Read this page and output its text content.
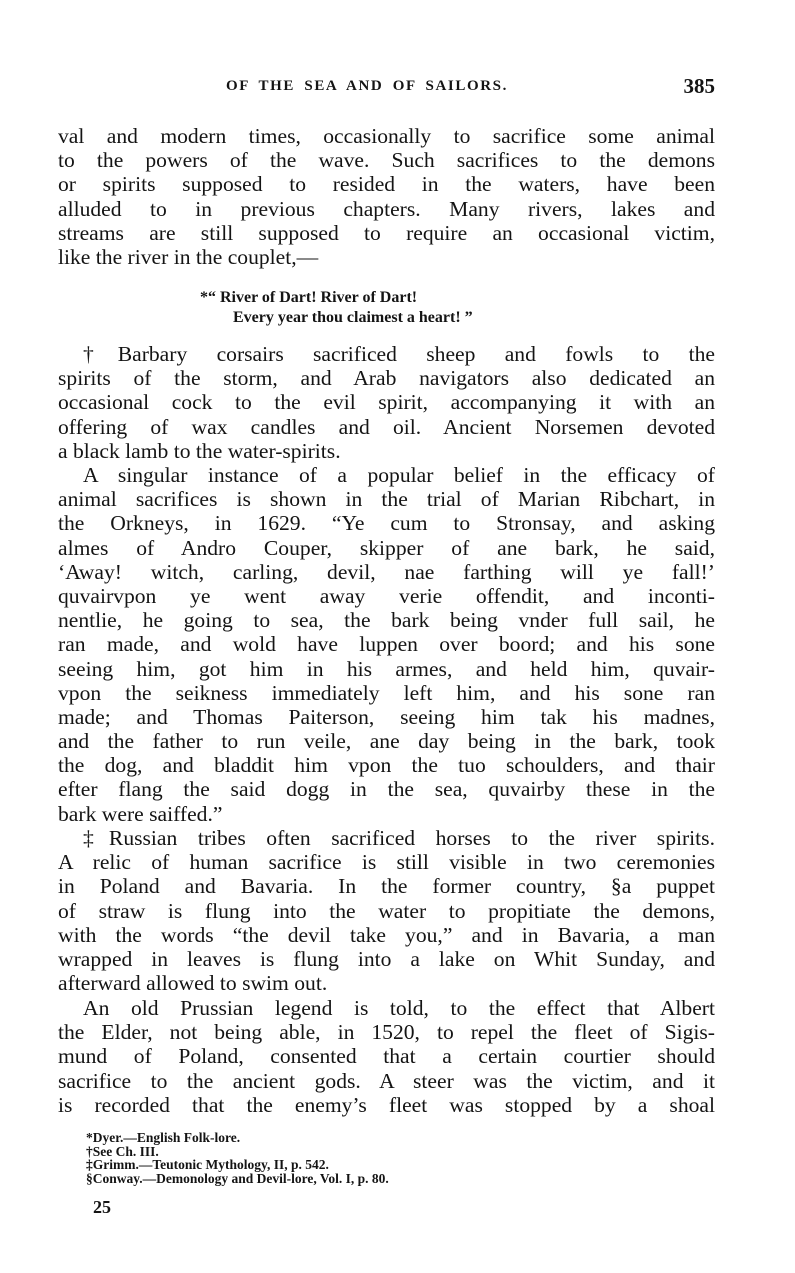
OF THE SEA AND OF SAILORS.	385
val and modern times, occasionally to sacrifice some animal
to the powers of the wave. Such sacrifices to the demons
or spirits supposed to resided in the waters, have been
alluded to in previous chapters. Many rivers, lakes and
streams are still supposed to require an occasional victim,
like the river in the couplet,—
*“ River of Dart! River of Dart!
Every year thou claimest a heart! ”
†Barbary corsairs sacrificed sheep and fowls to the
spirits of the storm, and Arab navigators also dedicated an
occasional cock to the evil spirit, accompanying it with an
offering of wax candles and oil. Ancient Norsemen devoted
a black lamb to the water-spirits.
A singular instance of a popular belief in the efficacy of
animal sacrifices is shown in the trial of Marian Ribchart, in
the Orkneys, in 1629. “Ye cum to Stronsay, and asking
almes of Andro Couper, skipper of ane bark, he said,
‘Away! witch, carling, devil, nae farthing will ye fall!’
quvairvpon ye went away verie offendit, and inconti-
nentlie, he going to sea, the bark being vnder full sail, he
ran made, and wold have luppen over boord; and his sone
seeing him, got him in his armes, and held him, quvair-
vpon the seikness immediately left him, and his sone ran
made; and Thomas Paiterson, seeing him tak his madnes,
and the father to run veile, ane day being in the bark, took
the dog, and bladdit him vpon the tuo schoulders, and thair
efter flang the said dogg in the sea, quvairby these in the
bark were saiffed.”
‡Russian tribes often sacrificed horses to the river spirits.
A relic of human sacrifice is still visible in two ceremonies
in Poland and Bavaria. In the former country, §a puppet
of straw is flung into the water to propitiate the demons,
with the words “the devil take you,” and in Bavaria, a man
wrapped in leaves is flung into a lake on Whit Sunday, and
afterward allowed to swim out.
An old Prussian legend is told, to the effect that Albert
the Elder, not being able, in 1520, to repel the fleet of Sigis-
mund of Poland, consented that a certain courtier should
sacrifice to the ancient gods. A steer was the victim, and it
is recorded that the enemy’s fleet was stopped by a shoal
*Dyer.—English Folk-lore.
†See Ch. III.
‡Grimm.—Teutonic Mythology, II, p. 542.
§Conway.—Demonology and Devil-lore, Vol. I, p. 80.
25
